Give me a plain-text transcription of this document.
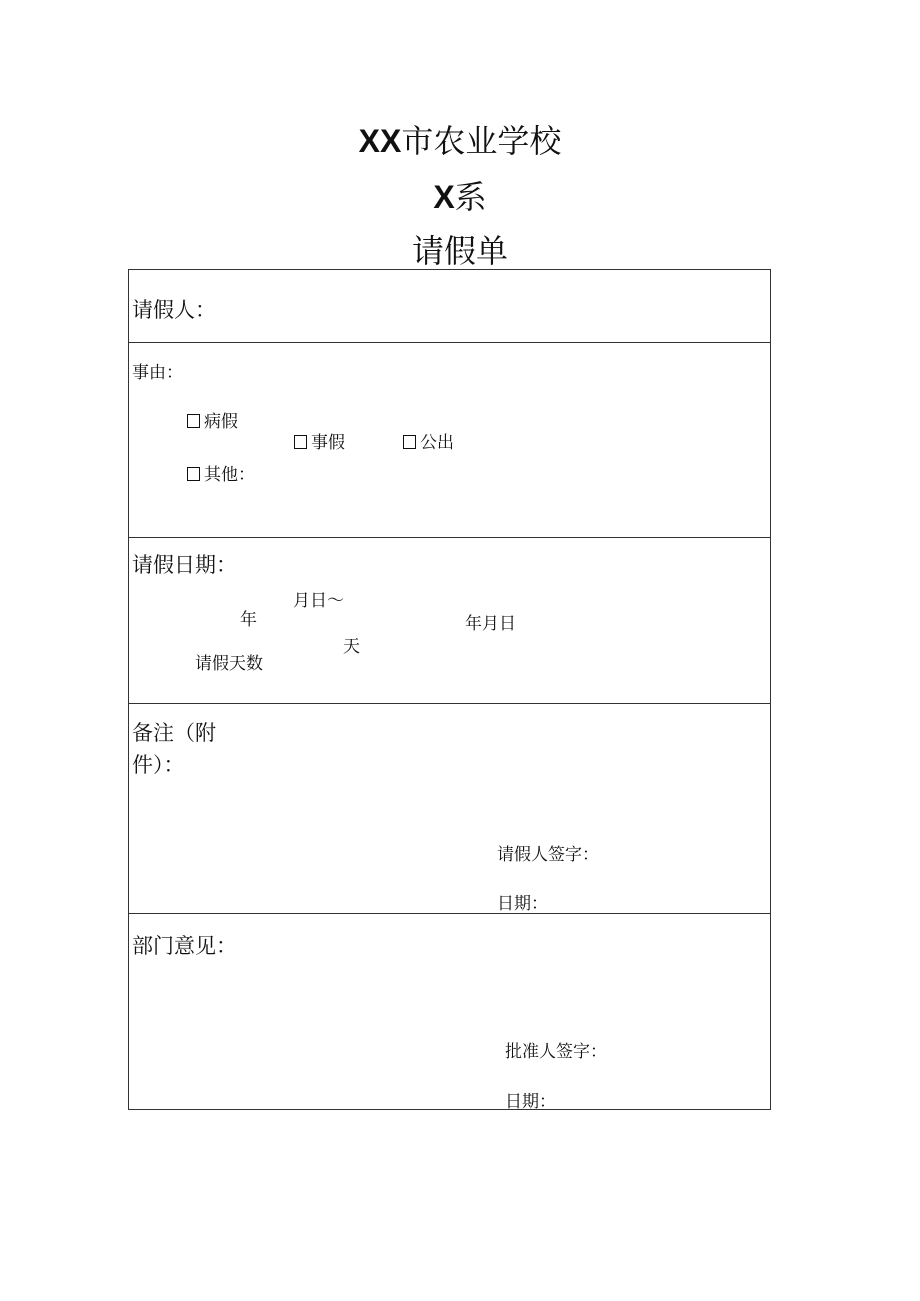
XX市农业学校
X系
请假单
请假人：
事由：
病假
事假	公出
其他：
请假日期：
月日～
年	年月日
天
请假天数
备注（附
件）：
请假人签字：
日期：
部门意见：
批准人签字：
日期：
